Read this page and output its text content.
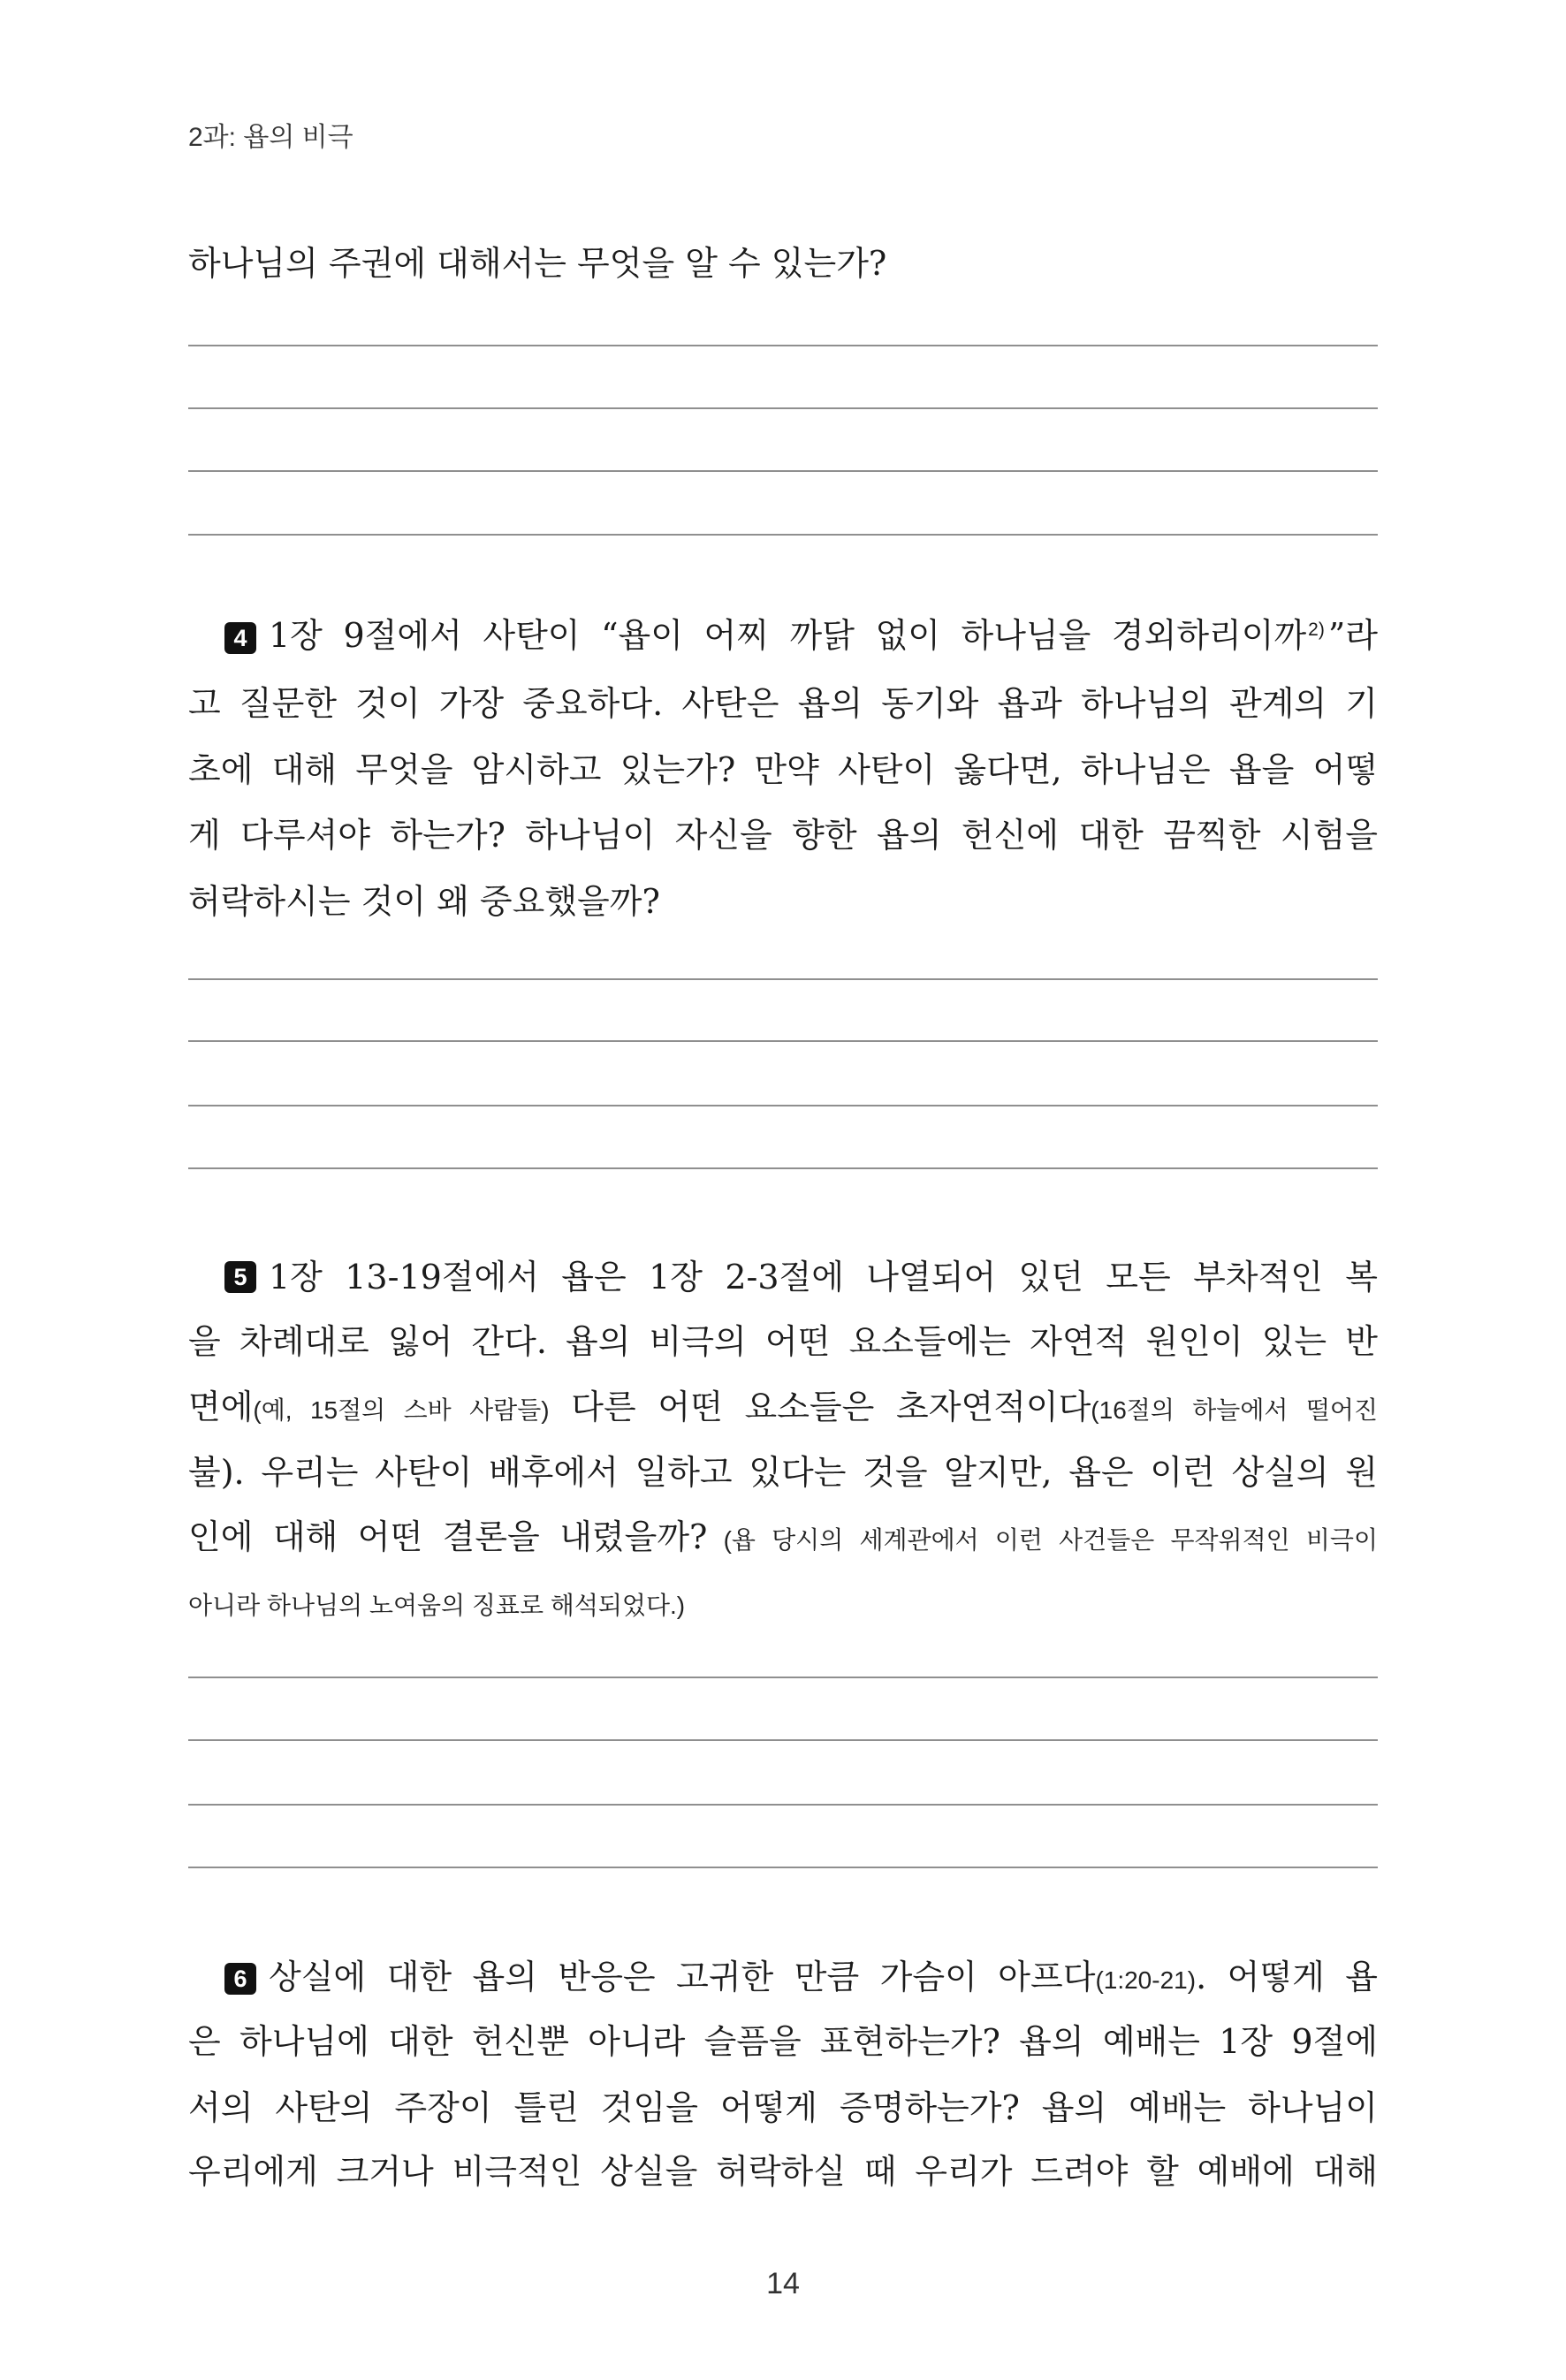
2과: 욥의 비극
하나님의 주권에 대해서는 무엇을 알 수 있는가?
4 1장 9절에서 사탄이 “욥이 어찌 까닭 없이 하나님을 경외하리이까$^{2)}$ ”라
고 질문한 것이 가장 중요하다. 사탄은 욥의 동기와 욥과 하나님의 관계의 기
초에 대해 무엇을 암시하고 있는가? 만약 사탄이 옳다면, 하나님은 욥을 어떻
게 다루셔야 하는가? 하나님이 자신을 향한 욥의 헌신에 대한 끔찍한 시험을
허락하시는 것이 왜 중요했을까?
5 1장 13-19절에서 욥은 1장 2-3절에 나열되어 있던 모든 부차적인 복
을 차례대로 잃어 간다. 욥의 비극의 어떤 요소들에는 자연적 원인이 있는 반
면에(예, 15절의 스바 사람들) 다른 어떤 요소들은 초자연적이다(16절의 하늘에서 떨어진
불). 우리는 사탄이 배후에서 일하고 있다는 것을 알지만, 욥은 이런 상실의 원
인에 대해 어떤 결론을 내렸을까? (욥 당시의 세계관에서 이런 사건들은 무작위적인 비극이
아니라 하나님의 노여움의 징표로 해석되었다.)
6 상실에 대한 욥의 반응은 고귀한 만큼 가슴이 아프다(1:20-21). 어떻게 욥
은 하나님에 대한 헌신뿐 아니라 슬픔을 표현하는가? 욥의 예배는 1장 9절에
서의 사탄의 주장이 틀린 것임을 어떻게 증명하는가? 욥의 예배는 하나님이
우리에게 크거나 비극적인 상실을 허락하실 때 우리가 드려야 할 예배에 대해
14
